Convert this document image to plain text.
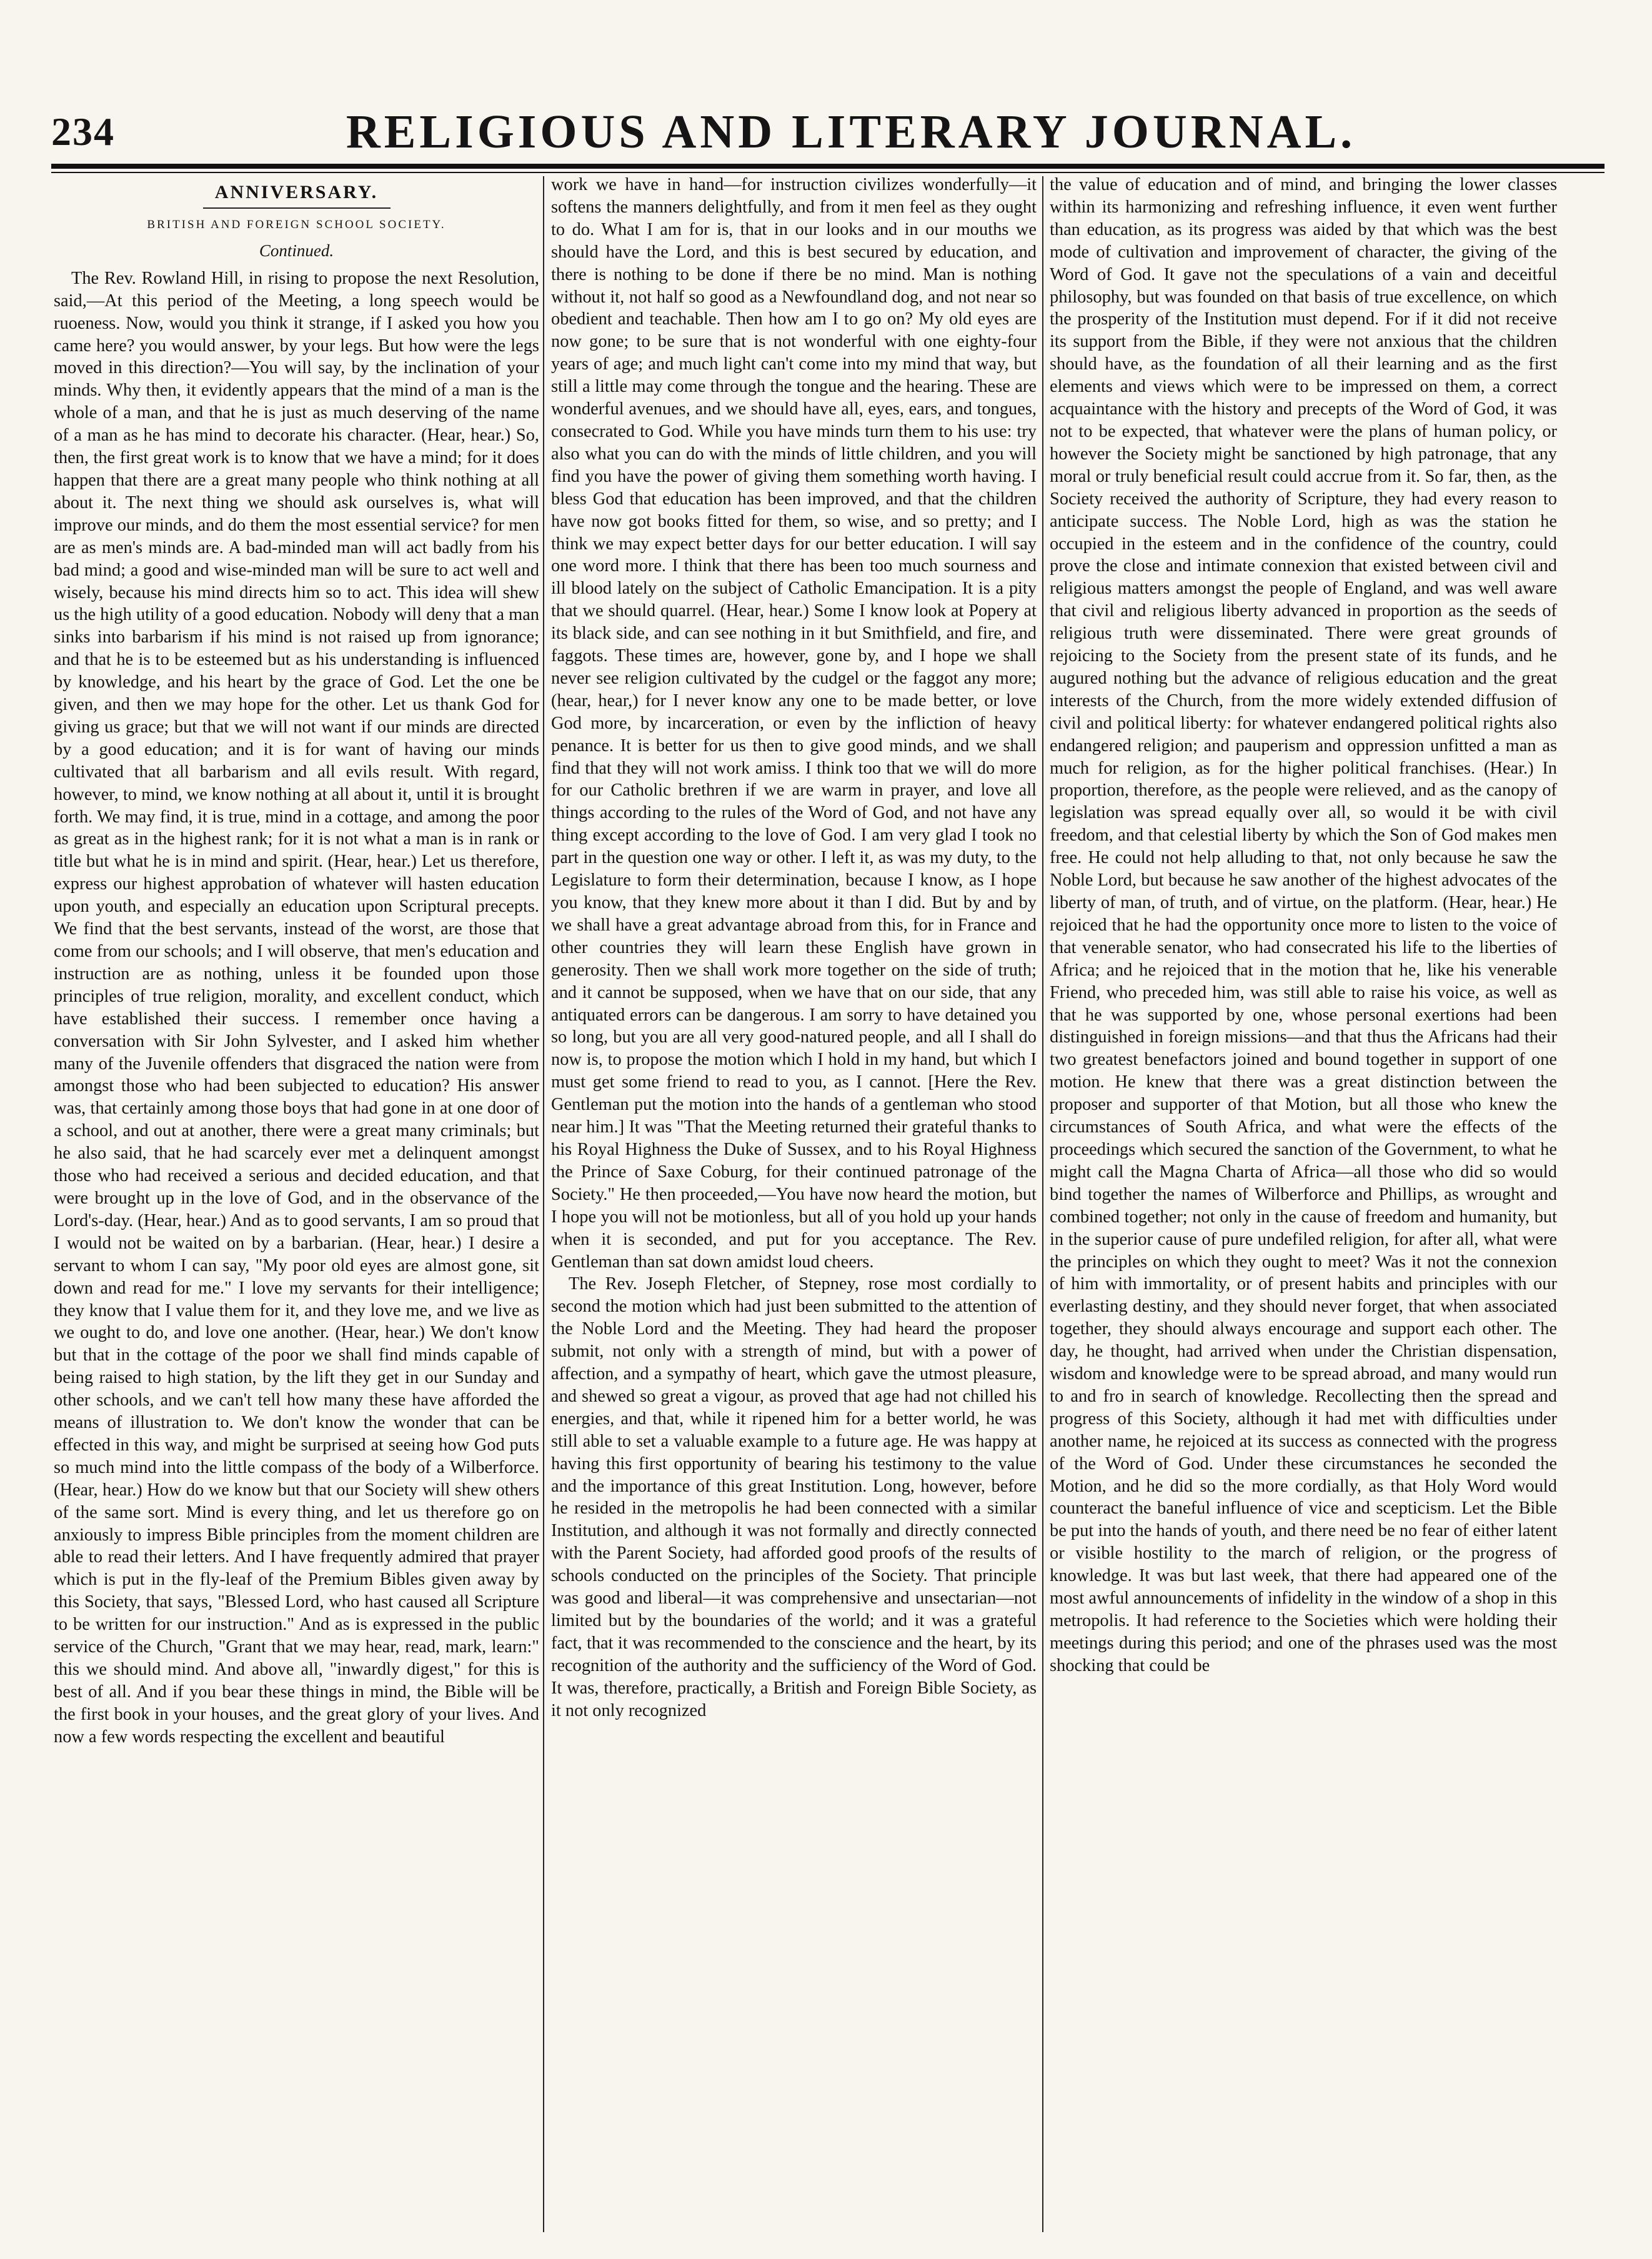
234	RELIGIOUS AND LITERARY JOURNAL.
ANNIVERSARY.
BRITISH AND FOREIGN SCHOOL SOCIETY.
Continued.

The Rev. Rowland Hill, in rising to propose the next Resolution, said,—At this period of the Meeting, a long speech would be ruoeness. Now, would you think it strange, if I asked you how you came here? you would answer, by your legs. But how were the legs moved in this direction?—You will say, by the inclination of your minds. Why then, it evidently appears that the mind of a man is the whole of a man, and that he is just as much deserving of the name of a man as he has mind to decorate his character. (Hear, hear.) So, then, the first great work is to know that we have a mind; for it does happen that there are a great many people who think nothing at all about it. The next thing we should ask ourselves is, what will improve our minds, and do them the most essential service? for men are as men's minds are. A bad-minded man will act badly from his bad mind; a good and wise-minded man will be sure to act well and wisely, because his mind directs him so to act. This idea will shew us the high utility of a good education. Nobody will deny that a man sinks into barbarism if his mind is not raised up from ignorance; and that he is to be esteemed but as his understanding is influenced by knowledge, and his heart by the grace of God. Let the one be given, and then we may hope for the other. Let us thank God for giving us grace; but that we will not want if our minds are directed by a good education; and it is for want of having our minds cultivated that all barbarism and all evils result. With regard, however, to mind, we know nothing at all about it, until it is brought forth. We may find, it is true, mind in a cottage, and among the poor as great as in the highest rank; for it is not what a man is in rank or title but what he is in mind and spirit. (Hear, hear.) Let us therefore, express our highest approbation of whatever will hasten education upon youth, and especially an education upon Scriptural precepts. We find that the best servants, instead of the worst, are those that come from our schools; and I will observe, that men's education and instruction are as nothing, unless it be founded upon those principles of true religion, morality, and excellent conduct, which have established their success. I remember once having a conversation with Sir John Sylvester, and I asked him whether many of the Juvenile offenders that disgraced the nation were from amongst those who had been subjected to education? His answer was, that certainly among those boys that had gone in at one door of a school, and out at another, there were a great many criminals; but he also said, that he had scarcely ever met a delinquent amongst those who had received a serious and decided education, and that were brought up in the love of God, and in the observance of the Lord's-day. (Hear, hear.) And as to good servants, I am so proud that I would not be waited on by a barbarian. (Hear, hear.) I desire a servant to whom I can say, "My poor old eyes are almost gone, sit down and read for me." I love my servants for their intelligence; they know that I value them for it, and they love me, and we live as we ought to do, and love one another. (Hear, hear.) We don't know but that in the cottage of the poor we shall find minds capable of being raised to high station, by the lift they get in our Sunday and other schools, and we can't tell how many these have afforded the means of illustration to. We don't know the wonder that can be effected in this way, and might be surprised at seeing how God puts so much mind into the little compass of the body of a Wilberforce. (Hear, hear.) How do we know but that our Society will shew others of the same sort. Mind is every thing, and let us therefore go on anxiously to impress Bible principles from the moment children are able to read their letters. And I have frequently admired that prayer which is put in the fly-leaf of the Premium Bibles given away by this Society, that says, "Blessed Lord, who hast caused all Scripture to be written for our instruction." And as is expressed in the public service of the Church, "Grant that we may hear, read, mark, learn:" this we should mind. And above all, "inwardly digest," for this is best of all. And if you bear these things in mind, the Bible will be the first book in your houses, and the great glory of your lives. And now a few words respecting the excellent and beautiful

work we have in hand—for instruction civilizes wonderfully—it softens the manners delightfully, and from it men feel as they ought to do. What I am for is, that in our looks and in our mouths we should have the Lord, and this is best secured by education, and there is nothing to be done if there be no mind. Man is nothing without it, not half so good as a Newfoundland dog, and not near so obedient and teachable. Then how am I to go on? My old eyes are now gone; to be sure that is not wonderful with one eighty-four years of age; and much light can't come into my mind that way, but still a little may come through the tongue and the hearing. These are wonderful avenues, and we should have all, eyes, ears, and tongues, consecrated to God. While you have minds turn them to his use: try also what you can do with the minds of little children, and you will find you have the power of giving them something worth having. I bless God that education has been improved, and that the children have now got books fitted for them, so wise, and so pretty; and I think we may expect better days for our better education. I will say one word more. I think that there has been too much sourness and ill blood lately on the subject of Catholic Emancipation. It is a pity that we should quarrel. (Hear, hear.) Some I know look at Popery at its black side, and can see nothing in it but Smithfield, and fire, and faggots. These times are, however, gone by, and I hope we shall never see religion cultivated by the cudgel or the faggot any more; (hear, hear,) for I never know any one to be made better, or love God more, by incarceration, or even by the infliction of heavy penance. It is better for us then to give good minds, and we shall find that they will not work amiss. I think too that we will do more for our Catholic brethren if we are warm in prayer, and love all things according to the rules of the Word of God, and not have any thing except according to the love of God. I am very glad I took no part in the question one way or other. I left it, as was my duty, to the Legislature to form their determination, because I know, as I hope you know, that they knew more about it than I did. But by and by we shall have a great advantage abroad from this, for in France and other countries they will learn these English have grown in generosity. Then we shall work more together on the side of truth; and it cannot be supposed, when we have that on our side, that any antiquated errors can be dangerous. I am sorry to have detained you so long, but you are all very good-natured people, and all I shall do now is, to propose the motion which I hold in my hand, but which I must get some friend to read to you, as I cannot. [Here the Rev. Gentleman put the motion into the hands of a gentleman who stood near him.] It was "That the Meeting returned their grateful thanks to his Royal Highness the Duke of Sussex, and to his Royal Highness the Prince of Saxe Coburg, for their continued patronage of the Society." He then proceeded,—You have now heard the motion, but I hope you will not be motionless, but all of you hold up your hands when it is seconded, and put for you acceptance. The Rev. Gentleman than sat down amidst loud cheers.

The Rev. Joseph Fletcher, of Stepney, rose most cordially to second the motion which had just been submitted to the attention of the Noble Lord and the Meeting. They had heard the proposer submit, not only with a strength of mind, but with a power of affection, and a sympathy of heart, which gave the utmost pleasure, and shewed so great a vigour, as proved that age had not chilled his energies, and that, while it ripened him for a better world, he was still able to set a valuable example to a future age. He was happy at having this first opportunity of bearing his testimony to the value and the importance of this great Institution. Long, however, before he resided in the metropolis he had been connected with a similar Institution, and although it was not formally and directly connected with the Parent Society, had afforded good proofs of the results of schools conducted on the principles of the Society. That principle was good and liberal—it was comprehensive and unsectarian—not limited but by the boundaries of the world; and it was a grateful fact, that it was recommended to the conscience and the heart, by its recognition of the authority and the sufficiency of the Word of God. It was, therefore, practically, a British and Foreign Bible Society, as it not only recognized

the value of education and of mind, and bringing the lower classes within its harmonizing and refreshing influence, it even went further than education, as its progress was aided by that which was the best mode of cultivation and improvement of character, the giving of the Word of God. It gave not the speculations of a vain and deceitful philosophy, but was founded on that basis of true excellence, on which the prosperity of the Institution must depend. For if it did not receive its support from the Bible, if they were not anxious that the children should have, as the foundation of all their learning and as the first elements and views which were to be impressed on them, a correct acquaintance with the history and precepts of the Word of God, it was not to be expected, that whatever were the plans of human policy, or however the Society might be sanctioned by high patronage, that any moral or truly beneficial result could accrue from it. So far, then, as the Society received the authority of Scripture, they had every reason to anticipate success. The Noble Lord, high as was the station he occupied in the esteem and in the confidence of the country, could prove the close and intimate connexion that existed between civil and religious matters amongst the people of England, and was well aware that civil and religious liberty advanced in proportion as the seeds of religious truth were disseminated. There were great grounds of rejoicing to the Society from the present state of its funds, and he augured nothing but the advance of religious education and the great interests of the Church, from the more widely extended diffusion of civil and political liberty: for whatever endangered political rights also endangered religion; and pauperism and oppression unfitted a man as much for religion, as for the higher political franchises. (Hear.) In proportion, therefore, as the people were relieved, and as the canopy of legislation was spread equally over all, so would it be with civil freedom, and that celestial liberty by which the Son of God makes men free. He could not help alluding to that, not only because he saw the Noble Lord, but because he saw another of the highest advocates of the liberty of man, of truth, and of virtue, on the platform. (Hear, hear.) He rejoiced that he had the opportunity once more to listen to the voice of that venerable senator, who had consecrated his life to the liberties of Africa; and he rejoiced that in the motion that he, like his venerable Friend, who preceded him, was still able to raise his voice, as well as that he was supported by one, whose personal exertions had been distinguished in foreign missions—and that thus the Africans had their two greatest benefactors joined and bound together in support of one motion. He knew that there was a great distinction between the proposer and supporter of that Motion, but all those who knew the circumstances of South Africa, and what were the effects of the proceedings which secured the sanction of the Government, to what he might call the Magna Charta of Africa—all those who did so would bind together the names of Wilberforce and Phillips, as wrought and combined together; not only in the cause of freedom and humanity, but in the superior cause of pure undefiled religion, for after all, what were the principles on which they ought to meet? Was it not the connexion of him with immortality, or of present habits and principles with our everlasting destiny, and they should never forget, that when associated together, they should always encourage and support each other. The day, he thought, had arrived when under the Christian dispensation, wisdom and knowledge were to be spread abroad, and many would run to and fro in search of knowledge. Recollecting then the spread and progress of this Society, although it had met with difficulties under another name, he rejoiced at its success as connected with the progress of the Word of God. Under these circumstances he seconded the Motion, and he did so the more cordially, as that Holy Word would counteract the baneful influence of vice and scepticism. Let the Bible be put into the hands of youth, and there need be no fear of either latent or visible hostility to the march of religion, or the progress of knowledge. It was but last week, that there had appeared one of the most awful announcements of infidelity in the window of a shop in this metropolis. It had reference to the Societies which were holding their meetings during this period; and one of the phrases used was the most shocking that could be
